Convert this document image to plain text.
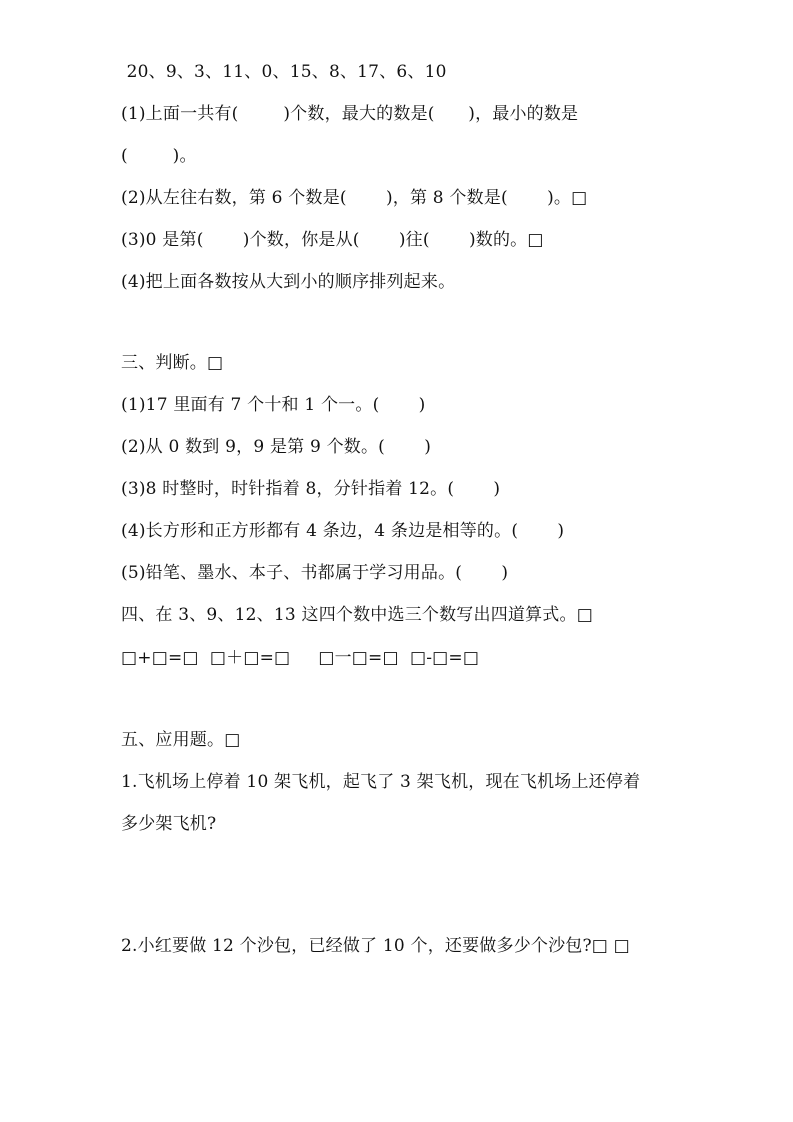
20、9、3、11、0、15、8、17、6、10
(1)上面一共有(        )个数，最大的数是(      )，最小的数是
(        )。
(2)从左往右数，第 6 个数是(       )，第 8 个数是(       )。□
(3)0 是第(       )个数，你是从(       )往(       )数的。□
(4)把上面各数按从大到小的顺序排列起来。
三、判断。□
(1)17 里面有 7 个十和 1 个一。(       )
(2)从 0 数到 9，9 是第 9 个数。(       )
(3)8 时整时，时针指着 8，分针指着 12。(       )
(4)长方形和正方形都有 4 条边，4 条边是相等的。(       )
(5)铅笔、墨水、本子、书都属于学习用品。(       )
四、在 3、9、12、13 这四个数中选三个数写出四道算式。□
□+□=□  □＋□=□     □一□=□  □-□=□
五、应用题。□
1.飞机场上停着 10 架飞机，起飞了 3 架飞机，现在飞机场上还停着
多少架飞机?
2.小红要做 12 个沙包，已经做了 10 个，还要做多少个沙包?□ □
